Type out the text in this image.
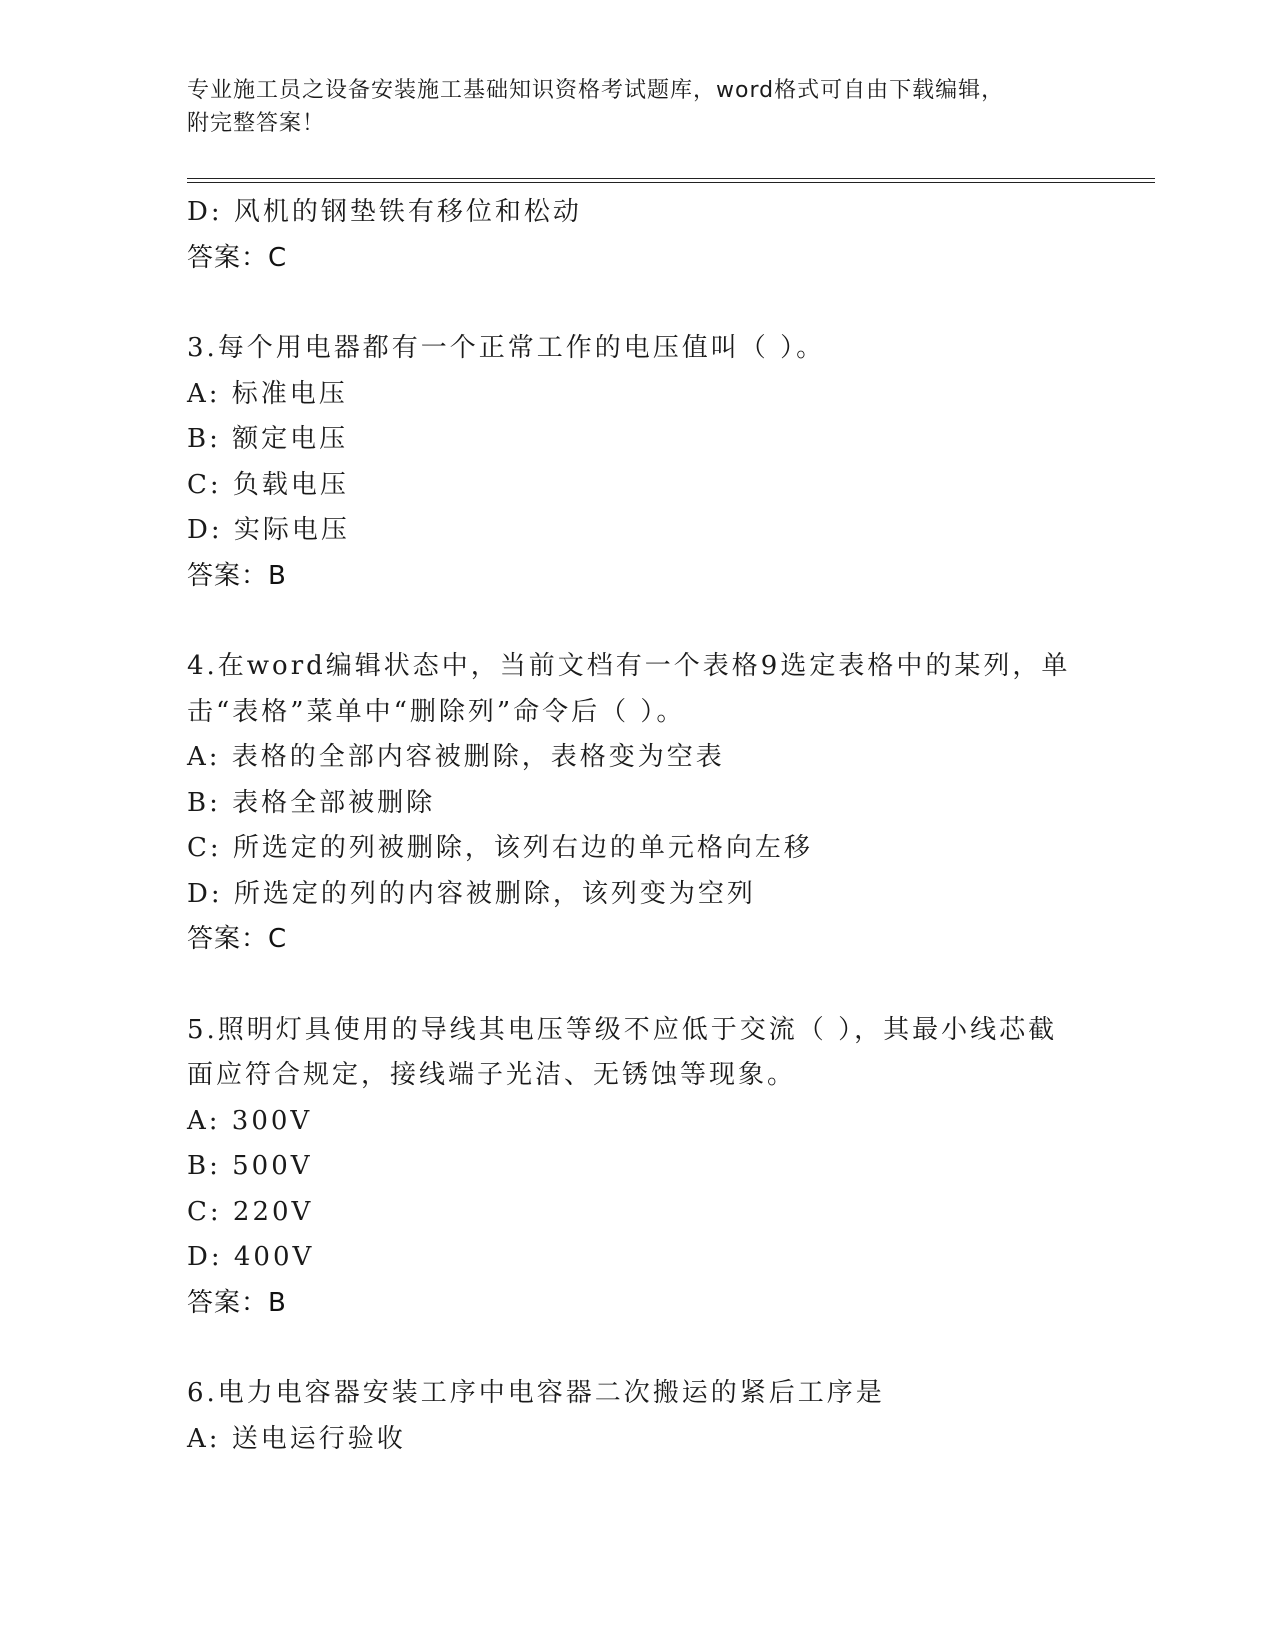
专业施工员之设备安装施工基础知识资格考试题库，word格式可自由下载编辑，
附完整答案！
D: 风机的钢垫铁有移位和松动
答案：C
3.每个用电器都有一个正常工作的电压值叫（ ）。
A: 标准电压
B: 额定电压
C: 负载电压
D: 实际电压
答案：B
4.在word编辑状态中，当前文档有一个表格9选定表格中的某列，单
击“表格”菜单中“删除列”命令后（ ）。
A: 表格的全部内容被删除，表格变为空表
B: 表格全部被删除
C: 所选定的列被删除，该列右边的单元格向左移
D: 所选定的列的内容被删除，该列变为空列
答案：C
5.照明灯具使用的导线其电压等级不应低于交流（ ），其最小线芯截
面应符合规定，接线端子光洁、无锈蚀等现象。
A: 300V
B: 500V
C: 220V
D: 400V
答案：B
6.电力电容器安装工序中电容器二次搬运的紧后工序是
A: 送电运行验收
